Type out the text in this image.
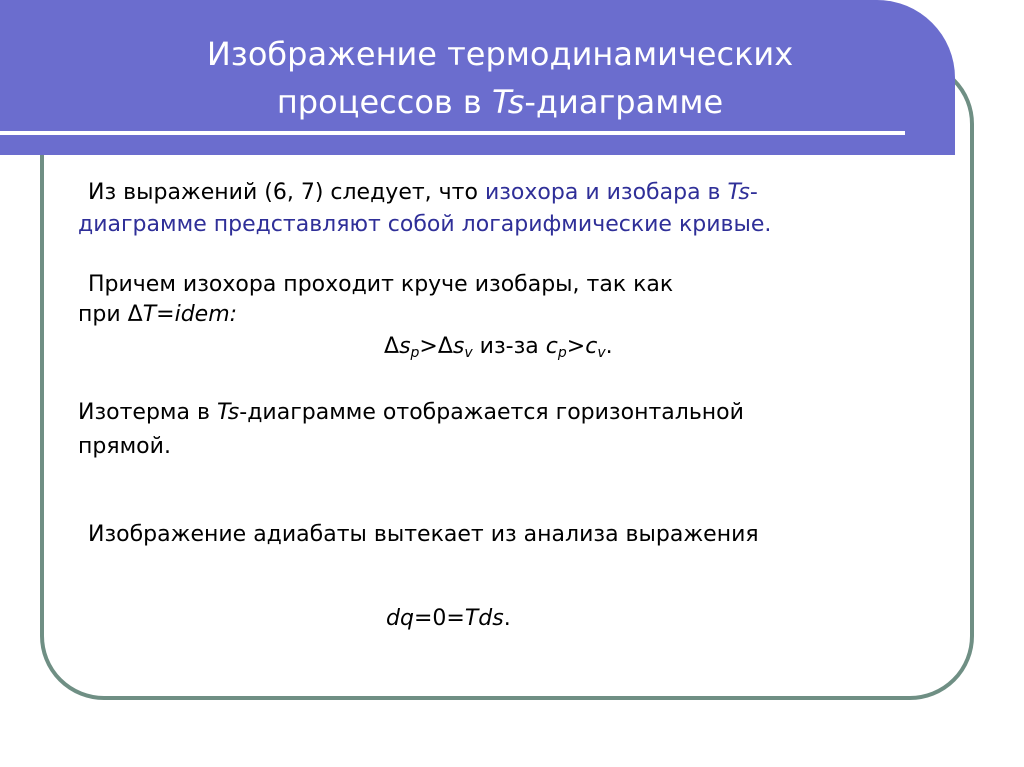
Изображение термодинамических
процессов в Ts-диаграмме

Из выражений (6, 7) следует, что изохора и изобара в Ts-

диаграмме представляют собой логарифмические кривые.

Причем изохора проходит круче изобары, так как

при ΔT=idem:

$\Delta s_p>\Delta s_v$ из-за $c_p>c_v$.

Изотерма в Ts-диаграмме отображается горизонтальной

прямой.

Изображение адиабаты вытекает из анализа выражения

dq=0=Tds.
